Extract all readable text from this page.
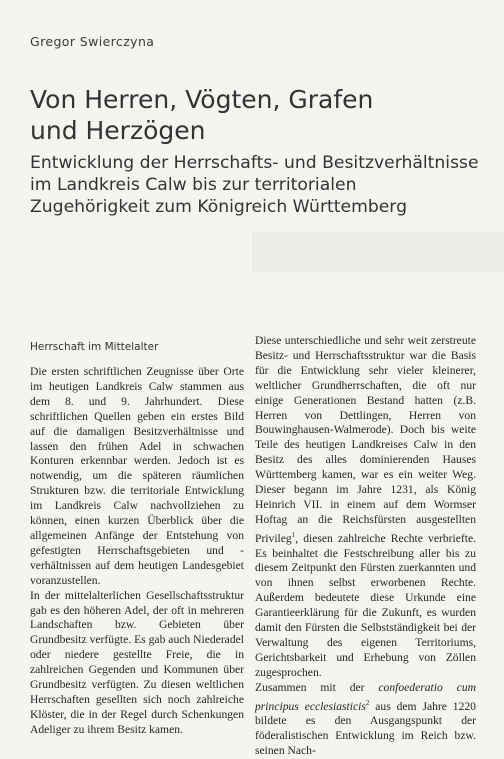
Gregor Swierczyna
Von Herren, Vögten, Grafen
und Herzögen

Entwicklung der Herrschafts- und Besitzverhältnisse im Landkreis Calw bis zur territorialen Zugehörigkeit zum Königreich Württemberg

Herrschaft im Mittelalter

Die ersten schriftlichen Zeugnisse über Orte im heutigen Landkreis Calw stammen aus dem 8. und 9. Jahrhundert. Diese schriftlichen Quellen geben ein erstes Bild auf die damaligen Besitzverhältnisse und lassen den frühen Adel in schwachen Konturen erkennbar werden. Jedoch ist es notwendig, um die späteren räumlichen Strukturen bzw. die territoriale Entwicklung im Landkreis Calw nachvollziehen zu können, einen kurzen Überblick über die allgemeinen Anfänge der Entstehung von gefestigten Herrschaftsgebieten und -verhältnissen auf dem heutigen Landesgebiet voranzustellen.

In der mittelalterlichen Gesellschaftsstruktur gab es den höheren Adel, der oft in mehreren Landschaften bzw. Gebieten über Grundbesitz verfügte. Es gab auch Niederadel oder niedere gestellte Freie, die in zahlreichen Gegenden und Kommunen über Grundbesitz verfügten. Zu diesen weltlichen Herrschaften gesellten sich noch zahlreiche Klöster, die in der Regel durch Schenkungen Adeliger zu ihrem Besitz kamen.

Diese unterschiedliche und sehr weit zerstreute Besitz- und Herrschaftsstruktur war die Basis für die Entwicklung sehr vieler kleinerer, weltlicher Grundherrschaften, die oft nur einige Generationen Bestand hatten (z.B. Herren von Dettlingen, Herren von Bouwinghausen-Walmerode). Doch bis weite Teile des heutigen Landkreises Calw in den Besitz des alles dominierenden Hauses Württemberg kamen, war es ein weiter Weg. Dieser begann im Jahre 1231, als König Heinrich VII. in einem auf dem Wormser Hoftag an die Reichsfürsten ausgestellten Privileg$^1$, diesen zahlreiche Rechte verbriefte. Es beinhaltet die Festschreibung aller bis zu diesem Zeitpunkt den Fürsten zuerkannten und von ihnen selbst erworbenen Rechte. Außerdem bedeutete diese Urkunde eine Garantieerklärung für die Zukunft, es wurden damit den Fürsten die Selbstständigkeit bei der Verwaltung des eigenen Territoriums, Gerichtsbarkeit und Erhebung von Zöllen zugesprochen.

Zusammen mit der confoederatio cum principus ecclesiasticis$^2$ aus dem Jahre 1220 bildete es den Ausgangspunkt der föderalistischen Entwicklung im Reich bzw. seinen Nach-
